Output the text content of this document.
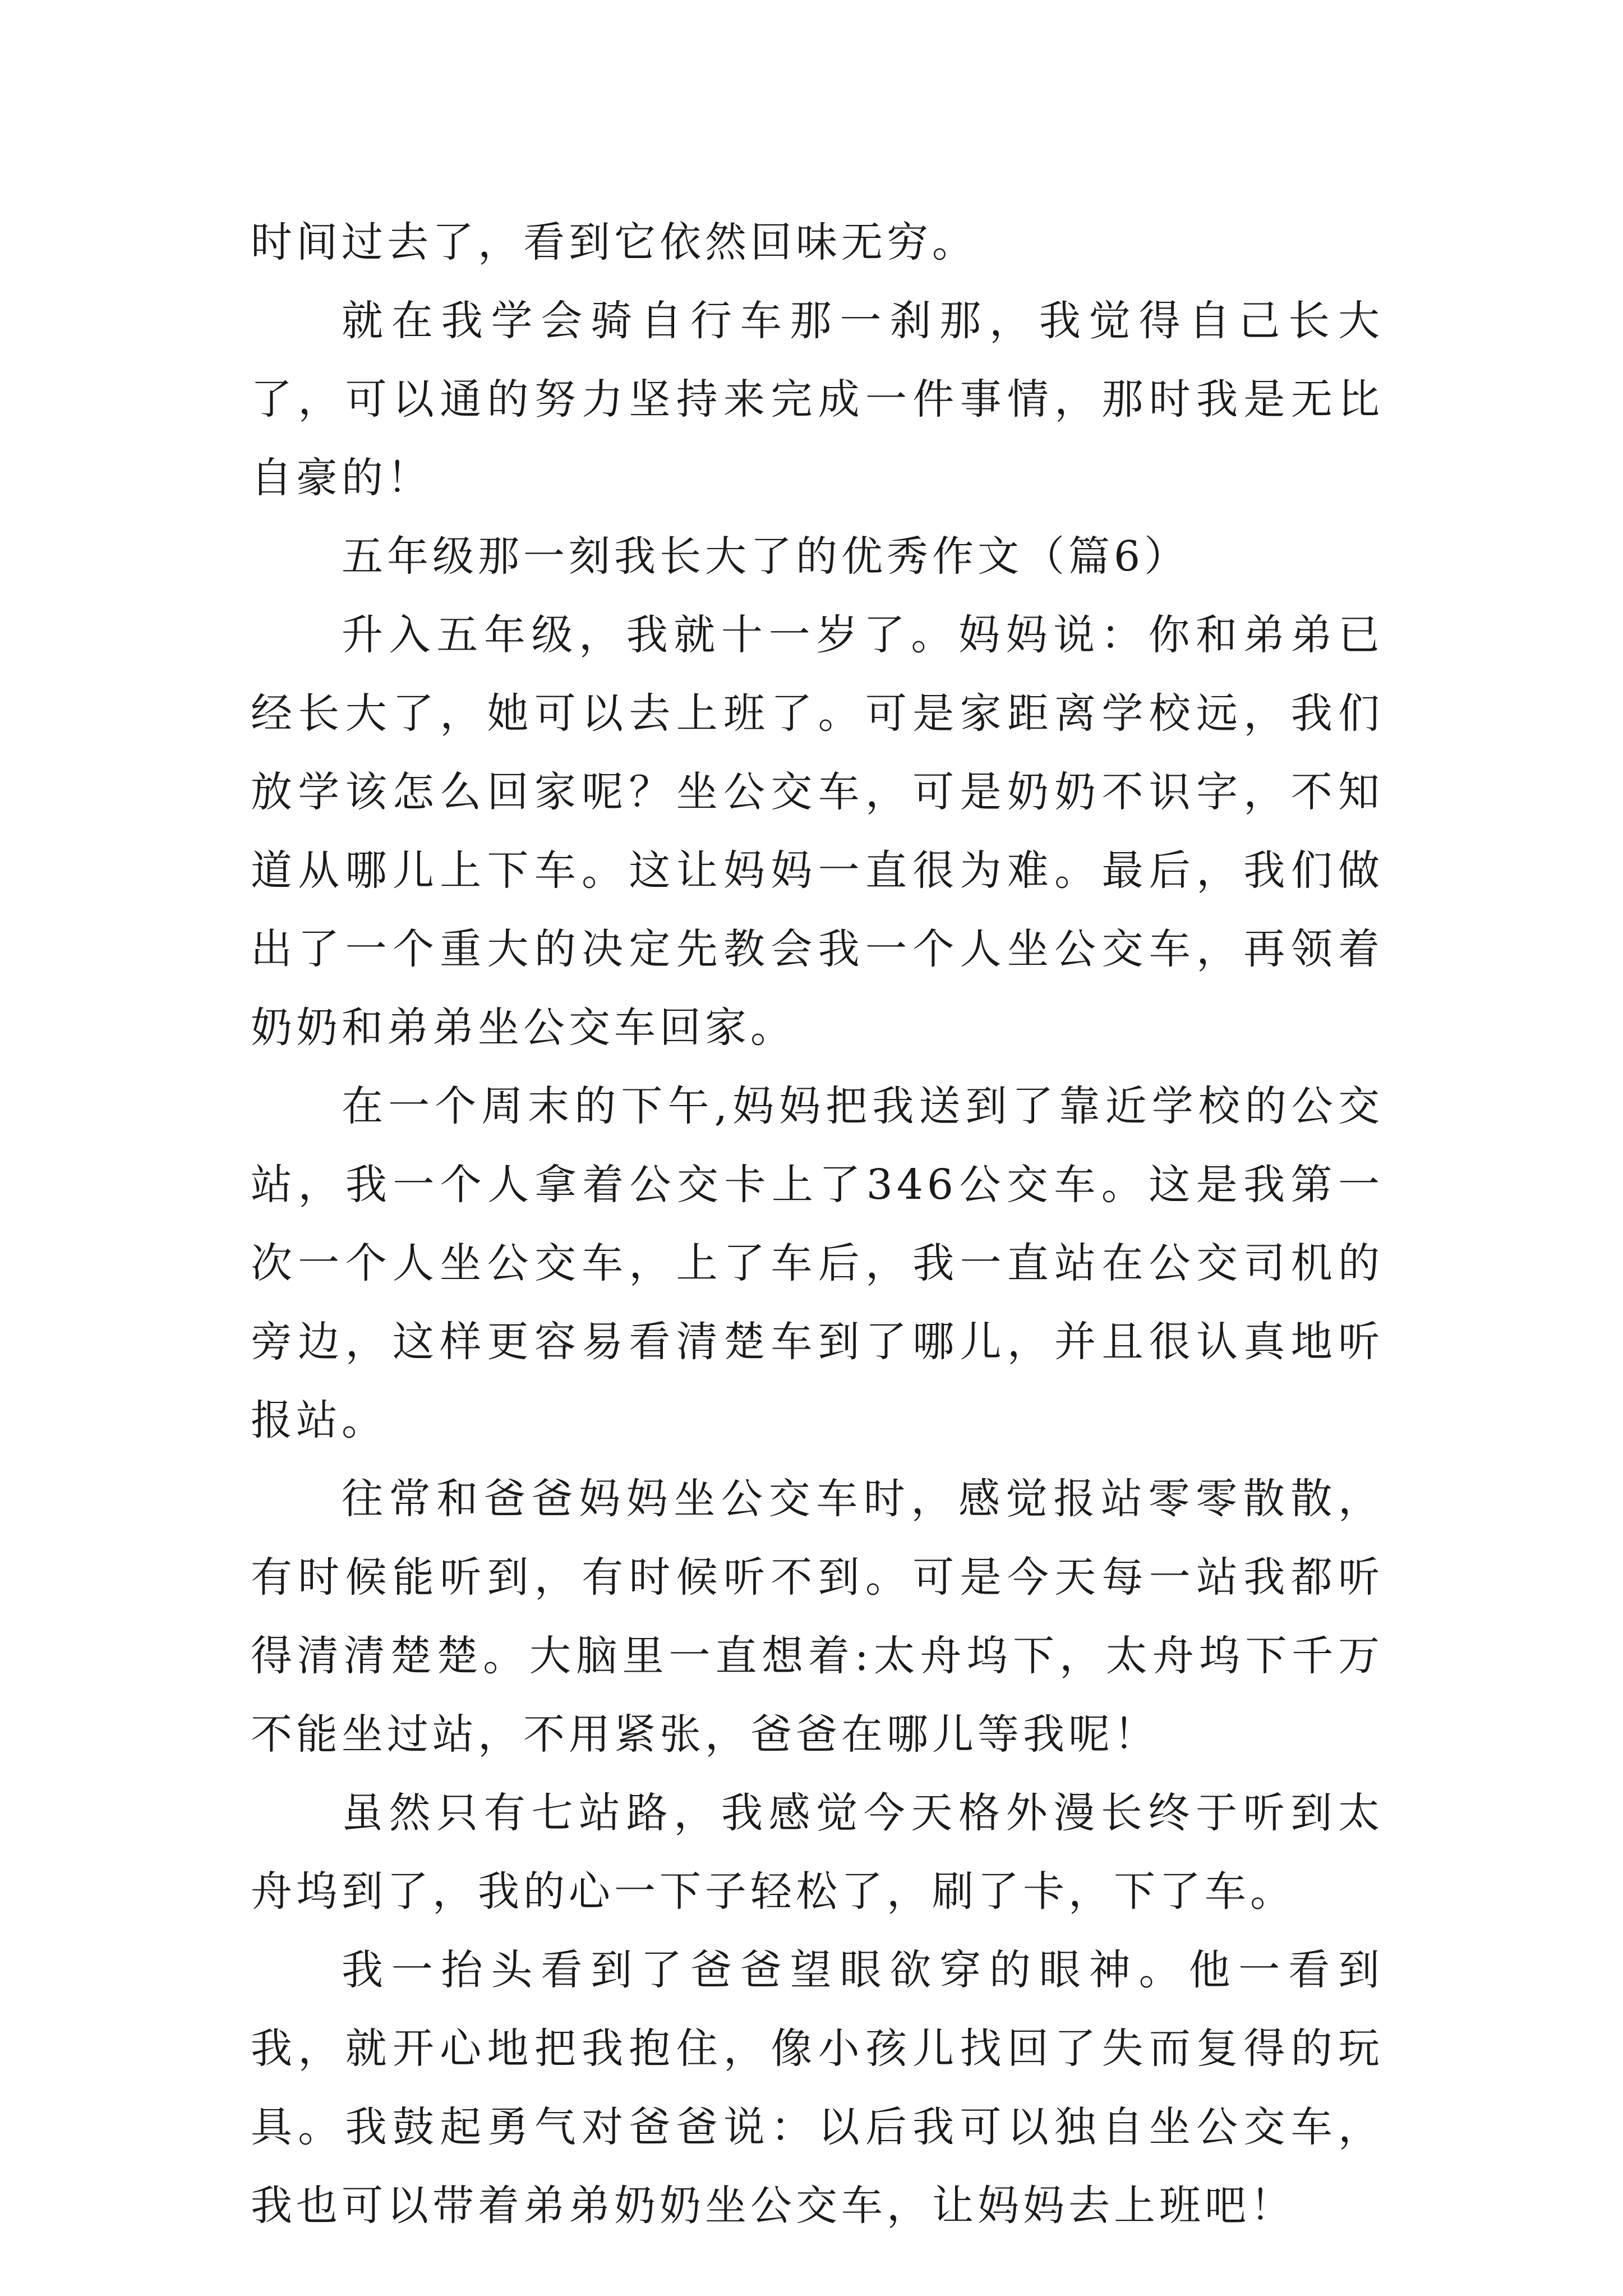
时间过去了，看到它依然回味无穷。

就在我学会骑自行车那一刹那，我觉得自己长大了，可以通的努力坚持来完成一件事情，那时我是无比自豪的！

五年级那一刻我长大了的优秀作文（篇6）

升入五年级，我就十一岁了。妈妈说：你和弟弟已经长大了，她可以去上班了。可是家距离学校远，我们放学该怎么回家呢？坐公交车，可是奶奶不识字，不知道从哪儿上下车。这让妈妈一直很为难。最后，我们做出了一个重大的决定先教会我一个人坐公交车，再领着奶奶和弟弟坐公交车回家。

在一个周末的下午,妈妈把我送到了靠近学校的公交站，我一个人拿着公交卡上了346公交车。这是我第一次一个人坐公交车，上了车后，我一直站在公交司机的旁边，这样更容易看清楚车到了哪儿，并且很认真地听报站。

往常和爸爸妈妈坐公交车时，感觉报站零零散散，有时候能听到，有时候听不到。可是今天每一站我都听得清清楚楚。大脑里一直想着:太舟坞下，太舟坞下千万不能坐过站，不用紧张，爸爸在哪儿等我呢！

虽然只有七站路，我感觉今天格外漫长终于听到太舟坞到了，我的心一下子轻松了，刷了卡，下了车。

我一抬头看到了爸爸望眼欲穿的眼神。他一看到我，就开心地把我抱住，像小孩儿找回了失而复得的玩具。我鼓起勇气对爸爸说：以后我可以独自坐公交车，我也可以带着弟弟奶奶坐公交车，让妈妈去上班吧！
